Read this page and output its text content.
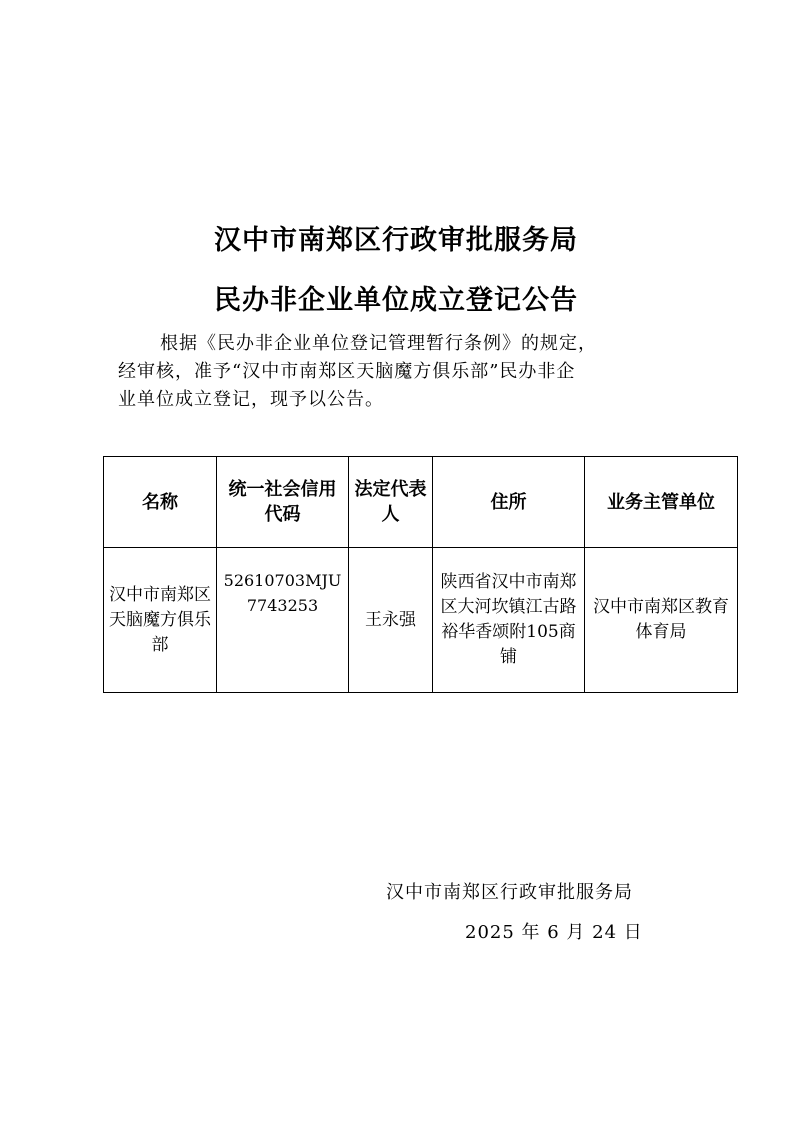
汉中市南郑区行政审批服务局
民办非企业单位成立登记公告

根据《民办非企业单位登记管理暂行条例》的规定，

经审核，准予“汉中市南郑区天脑魔方俱乐部”民办非企

业单位成立登记，现予以公告。

名称	统一社会信用代码	法定代表人	住所	业务主管单位
汉中市南郑区天脑魔方俱乐部	52610703MJU7743253	王永强	陕西省汉中市南郑区大河坎镇江古路裕华香颂附105商铺	汉中市南郑区教育体育局
汉中市南郑区行政审批服务局
2025 年 6 月 24 日
